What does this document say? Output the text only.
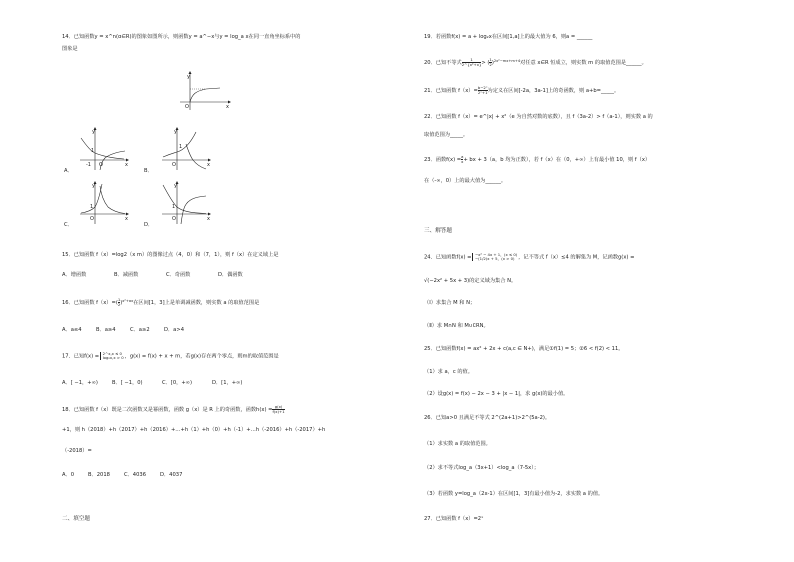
14．已知函数y = x^n(α∈R)的图象如图所示，则函数y = a^−x与y = log_a x在同一直角坐标系中的
图象是
y
x
O
A．
y
x
O
1
-1
B．
y
x
O
1
C．
y
x
O
1
D．
y
x
O
1
15．已知函数 f（x）=log2（x m）的图像过点（4，0）和（7，1），则 f（x）在定义域上是
A．增函数	B．减函数	C．奇函数	D．偶函数
16．已知函数 $f(x)=( \frac{1}{2} )^{x^2+ax}$在区间[1，3]上是单调减函数，则实数 a 的取值范围是
A．a≤4	B．a≥4	C．a≥2	D．a>4
17．已知f(x) =
2^x,x ≤ 0
log₂x,x > 0 ，g(x) = f(x) + x + m，若g(x)存在两个零点，则m的取值范围是
A．[ −1，+∞)	B．[ −1，0)	C．[0，+∞)	D．[1，+∞)
18．已知函数 f（x）既是二次函数又是幂函数，函数 g（x）是 R 上的奇函数，函数$h(x) = \frac{g(x)}{f(x)+1}$
+1，则 h（2018）+h（2017）+h（2016）+…+h（1）+h（0）+h（-1）+…h（-2016）+h（-2017）+h
（-2018）=
A．0	B．2018	C．4036	D．4037
二、填空题
19．若函数f(x) = a + log₂x在区间[1,a]上的最大值为 6，则a = ______
20．已知不等式 $\frac{1}{\text{2\textasciicircum{}\{x²+x\}}}$ > ( $\frac{1}{2} )^{2x^2-mx+m+4}$对任意 x∈R 恒成立，则实数 m 的取值范围是______。
21．已知函数 $f(x)= \frac{\text{b−2ˣ}}{\text{2ˣ+1}}$ 为定义在区间[-2a，3a-1]上的奇函数，则 a+b=_____。
22．已知函数 f（x）= e^|x| + x²（e 为自然对数的底数），且 f（3a-2）> f（a-1），则实数 a 的
取值范围为_____。
23．函数$f(x) = \frac{a}{x}$ + bx + 3（a，b 均为正数），若 f（x）在（0，+∞）上有最小值 10，则 f（x）
在（-∞，0）上的最大值为______。
三、解答题
24．已知函数f(x) =
−x² − 4x + 1，(x ≤ 0)
−(1/2)x + 5，(x > 0) ，记不等式 f（x）≤4 的解集为 M，记函数g(x) =
√(−2x² + 5x + 3)的定义域为集合 N。
（Ⅰ）求集合 M 和 N；
（Ⅱ）求 M∩N 和 M∪∁RN。
25．已知函数f(x) = ax² + 2x + c(a,c ∈ N+)，满足①f(1) = 5；②6 < f(2) < 11。
（1）求 a，c 的值。
（2）设g(x) = f(x) − 2x − 3 + |x − 1|，求 g(x)的最小值。
26．已知a>0 且满足不等式 2^(2a+1)>2^(5a-2)。
（1）求实数 a 的取值范围。
（2）求不等式log_a（3x+1）<log_a（7-5x）；
（3）若函数 y=log_a（2x-1）在区间[1，3]有最小值为-2，求实数 a 的值。
27．已知函数 f（x）=2ˣ
